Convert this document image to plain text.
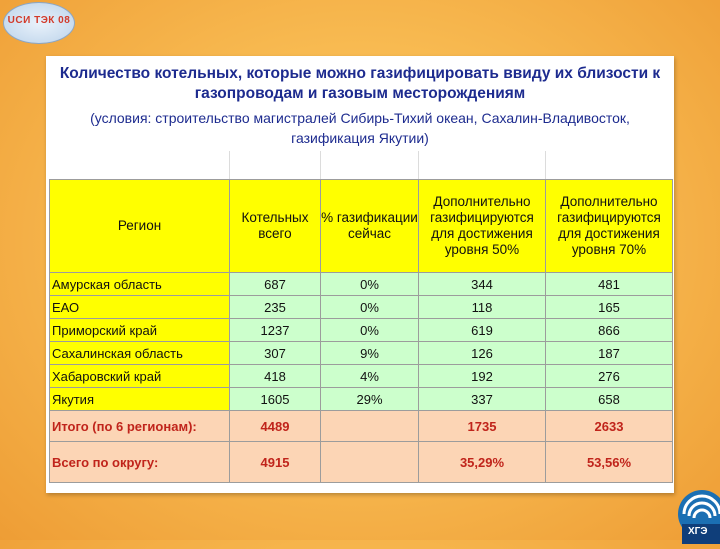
UCИ ТЭК 08
Количество котельных, которые можно газифицировать ввиду их близости к газопроводам и газовым месторождениям
(условия: строительство магистралей Сибирь-Тихий океан, Сахалин-Владивосток, газификация Якутии)
Регион	Котельных всего	% газификации сейчас	Дополнительно газифицируются для достижения уровня 50%	Дополнительно газифицируются для достижения уровня 70%
Амурская область	687	0%	344	481
ЕАО	235	0%	118	165
Приморский край	1237	0%	619	866
Сахалинская область	307	9%	126	187
Хабаровский край	418	4%	192	276
Якутия	1605	29%	337	658
Итого (по 6 регионам):	4489		1735	2633
Всего по округу:	4915		35,29%	53,56%
ХГЭ
